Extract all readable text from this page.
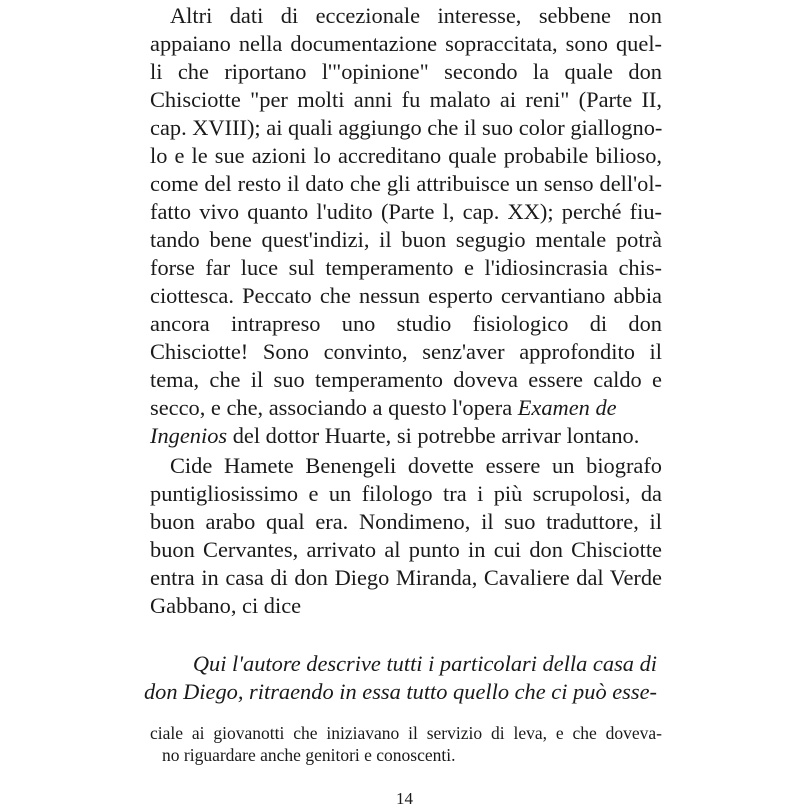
Altri dati di eccezionale interesse, sebbene non
appaiano nella documentazione sopraccitata, sono quel-
li che riportano l'"opinione" secondo la quale don
Chisciotte "per molti anni fu malato ai reni" (Parte II,
cap. XVIII); ai quali aggiungo che il suo color giallogno-
lo e le sue azioni lo accreditano quale probabile bilioso,
come del resto il dato che gli attribuisce un senso dell'ol-
fatto vivo quanto l'udito (Parte l, cap. XX); perché fiu-
tando bene quest'indizi, il buon segugio mentale potrà
forse far luce sul temperamento e l'idiosincrasia chis-
ciottesca. Peccato che nessun esperto cervantiano abbia
ancora intrapreso uno studio fisiologico di don
Chisciotte! Sono convinto, senz'aver approfondito il
tema, che il suo temperamento doveva essere caldo e
secco, e che, associando a questo l'opera Examen de
Ingenios del dottor Huarte, si potrebbe arrivar lontano.
Cide Hamete Benengeli dovette essere un biografo
puntigliosissimo e un filologo tra i più scrupolosi, da
buon arabo qual era. Nondimeno, il suo traduttore, il
buon Cervantes, arrivato al punto in cui don Chisciotte
entra in casa di don Diego Miranda, Cavaliere dal Verde
Gabbano, ci dice
Qui l'autore descrive tutti i particolari della casa di
don Diego, ritraendo in essa tutto quello che ci può esse-
ciale ai giovanotti che iniziavano il servizio di leva, e che doveva-
no riguardare anche genitori e conoscenti.
14
